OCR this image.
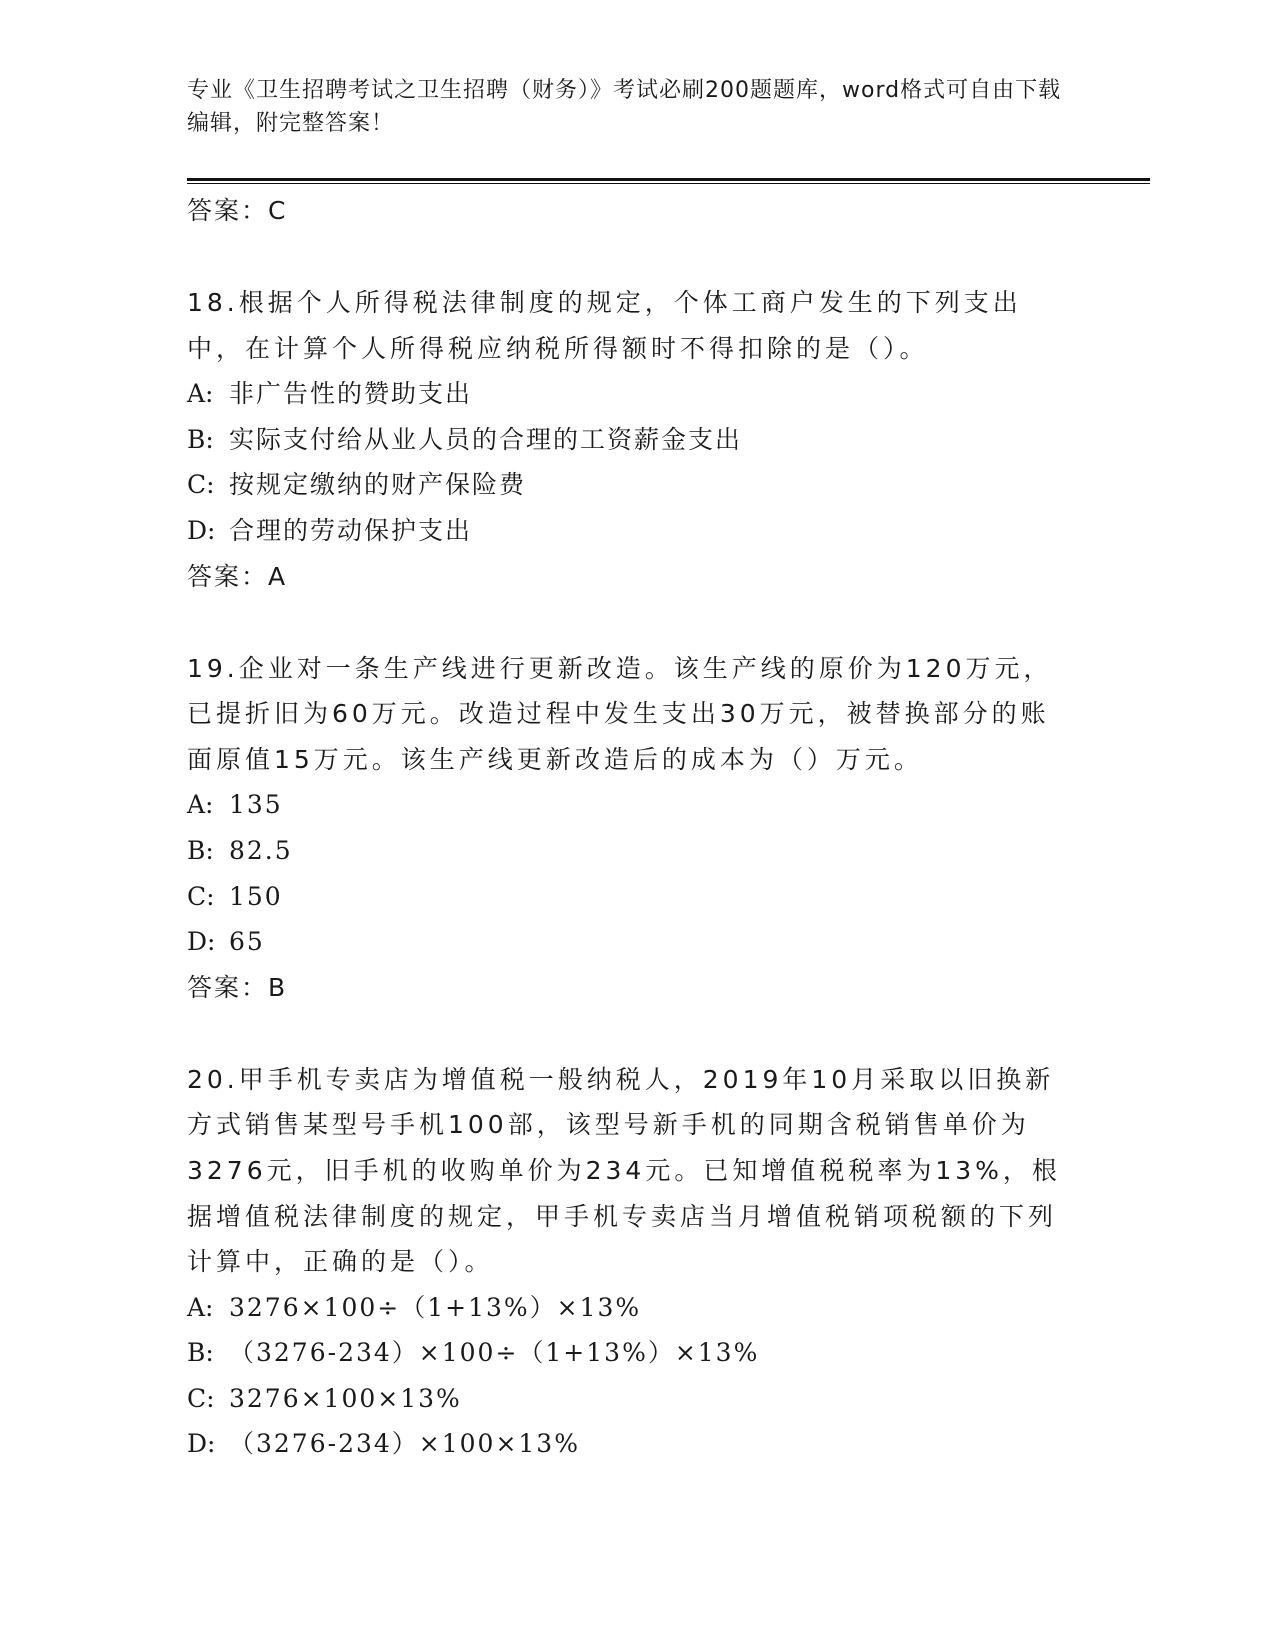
专业《卫生招聘考试之卫生招聘（财务）》考试必刷200题题库，word格式可自由下载编辑，附完整答案！

答案：C

18.根据个人所得税法律制度的规定，个体工商户发生的下列支出中，在计算个人所得税应纳税所得额时不得扣除的是（）。

A: 非广告性的赞助支出
B: 实际支付给从业人员的合理的工资薪金支出
C: 按规定缴纳的财产保险费
D: 合理的劳动保护支出

答案：A

19.企业对一条生产线进行更新改造。该生产线的原价为120万元，已提折旧为60万元。改造过程中发生支出30万元，被替换部分的账面原值15万元。该生产线更新改造后的成本为（）万元。

A: 135
B: 82.5
C: 150
D: 65

答案：B

20.甲手机专卖店为增值税一般纳税人，2019年10月采取以旧换新方式销售某型号手机100部，该型号新手机的同期含税销售单价为3276元，旧手机的收购单价为234元。已知增值税税率为13%，根据增值税法律制度的规定，甲手机专卖店当月增值税销项税额的下列计算中，正确的是（）。

A: 3276×100÷（1+13%）×13%
B: （3276-234）×100÷（1+13%）×13%
C: 3276×100×13%
D: （3276-234）×100×13%
